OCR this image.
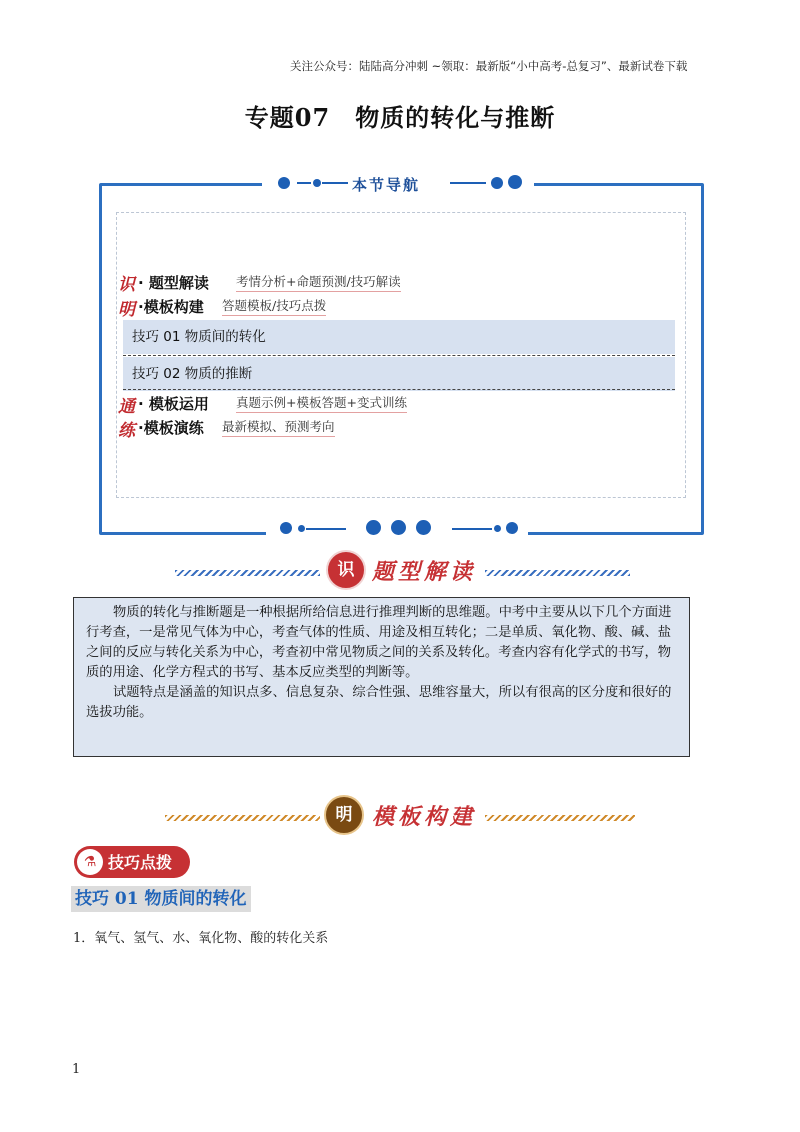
关注公众号：陆陆高分冲刺 ~领取：最新版“小中高考-总复习”、最新试卷下载
专题07　物质的转化与推断
本节导航
识
明
通
练
· 题型解读 考情分析+命题预测/技巧解读
·模板构建 答题模板/技巧点拨
技巧 01 物质间的转化
技巧 02 物质的推断
· 模板运用 真题示例+模板答题+变式训练
·模板演练 最新模拟、预测考向
识 题型解读

物质的转化与推断题是一种根据所给信息进行推理判断的思维题。中考中主要从以下几个方面进行考查，一是常见气体为中心，考查气体的性质、用途及相互转化；二是单质、氧化物、酸、碱、盐之间的反应与转化关系为中心，考查初中常见物质之间的关系及转化。考查内容有化学式的书写，物质的用途、化学方程式的书写、基本反应类型的判断等。

试题特点是涵盖的知识点多、信息复杂、综合性强、思维容量大，所以有很高的区分度和很好的选拔功能。

明 模板构建
⚗ 技巧点拨
技巧 01 物质间的转化
1．氧气、氢气、水、氧化物、酸的转化关系
1
